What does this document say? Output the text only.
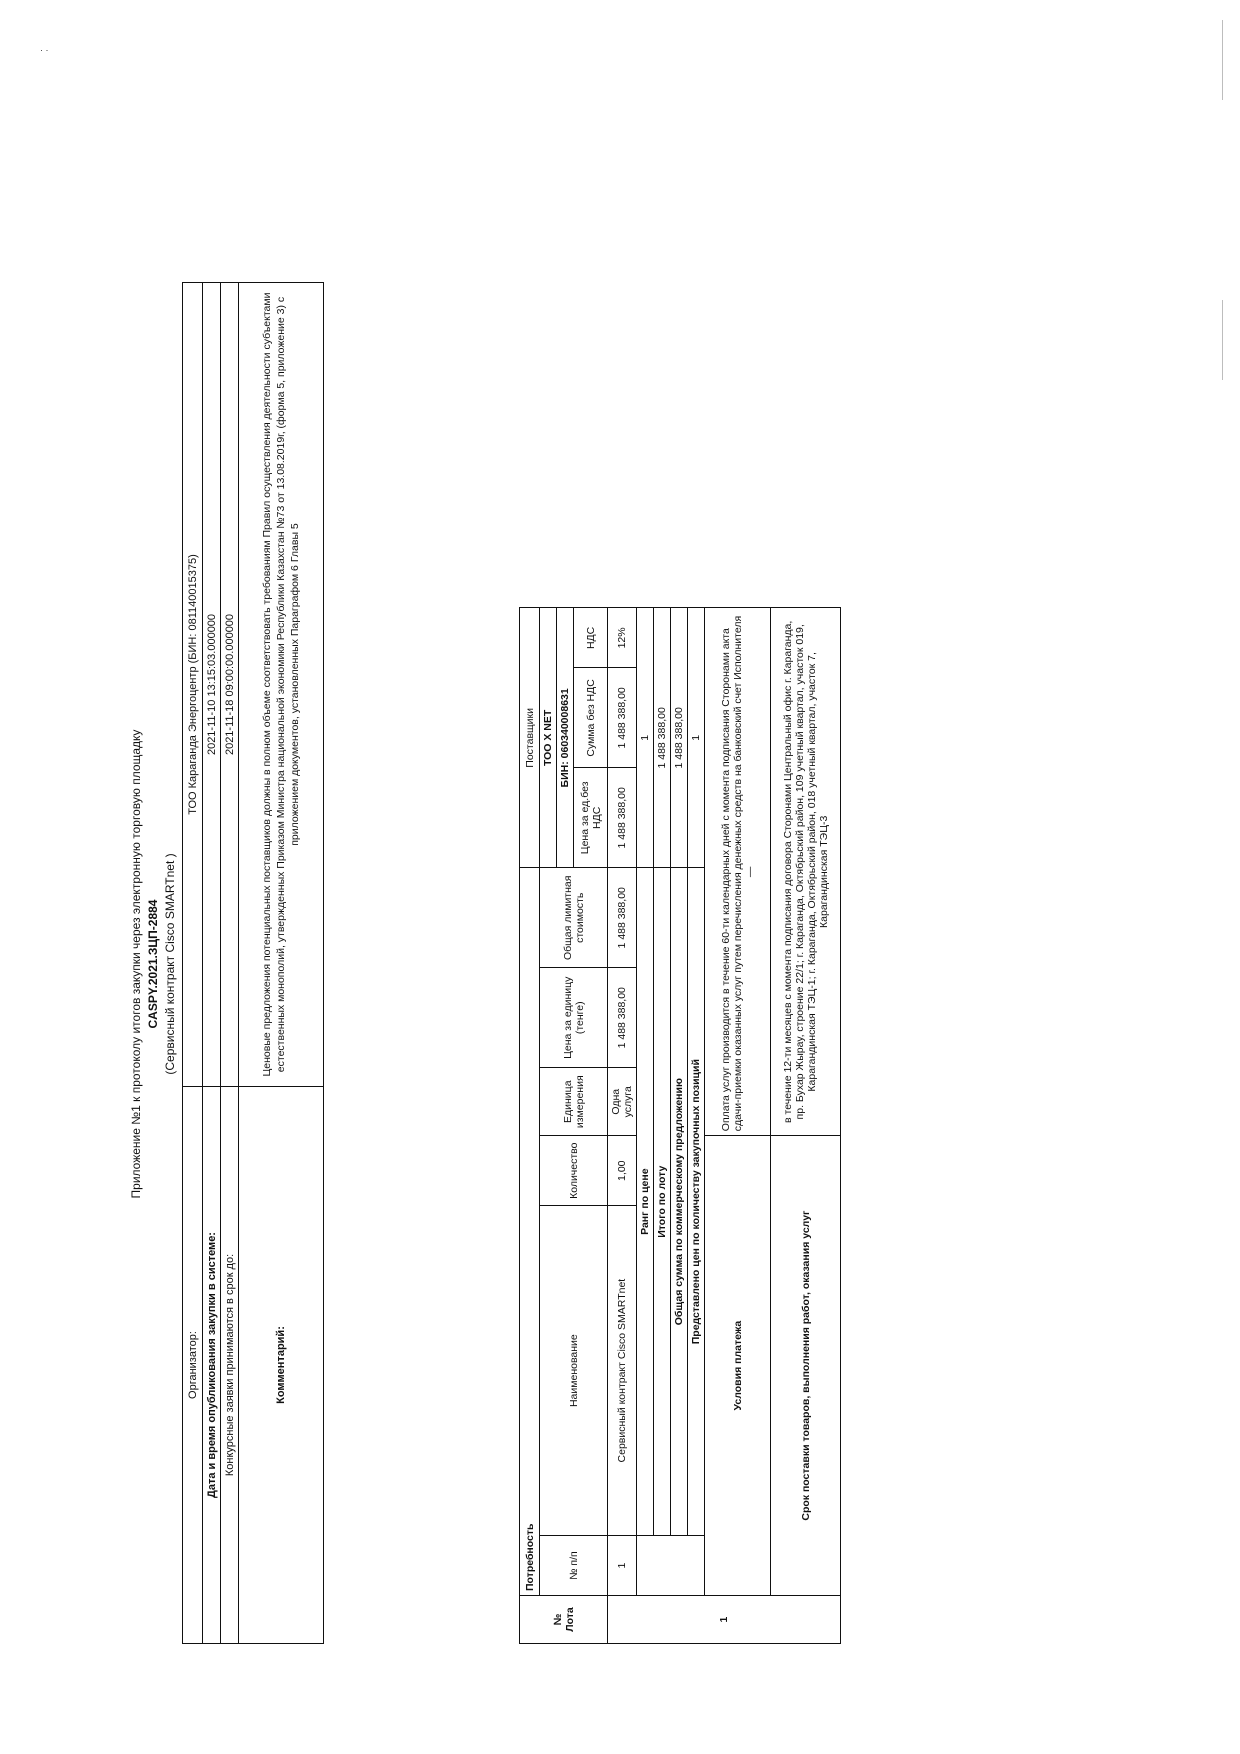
· ·
Приложение №1 к протоколу итогов закупки через электронную торговую площадку CASPY.2021.ЗЦП-2884 (Сервисный контракт Cisco SMARTnet )
Организатор:	ТОО Караганда Энергоцентр (БИН: 081140015375)
Дата и время опубликования закупки в системе:	2021-11-10 13:15:03.000000
Конкурсные заявки принимаются в срок до:	2021-11-18 09:00:00.000000
Комментарий:	Ценовые предложения потенциальных поставщиков должны в полном объеме соответствовать требованиям Правил осуществления деятельности субъектами естественных монополий, утвержденных Приказом Министра национальной экономики Республики Казахстан №73 от 13.08.2019г, (форма 5, приложение 3) с приложением документов, установленных Параграфом 6 Главы 5
№ Лота	Потребность						Поставщики			
	№ п/п	Наименование	Количество	Единица измерения	Цена за единицу (тенге)	Общая лимитная стоимость	ТОО X NET			
							БИН: 060340008631			
							Цена за ед.без НДС	Сумма без НДС	НДС	
1	1	Сервисный контракт Cisco SMARTnet	1,00	Одна услуга	1 488 388,00	1 488 388,00	1 488 388,00	1 488 388,00	12%	
		Ранг по цене					1			
		Итого по лоту					1 488 388,00			
		Общая сумма по коммерческому предложению					1 488 388,00			
		Представлено цен по количеству закупочных позиций					1			
	Условия платежа			Оплата услуг производится в течение 60-ти календарных дней с момента подписания Сторонами акта сдачи-приемки оказанных услуг путем перечисления денежных средств на банковский счет Исполнителя —						

	Срок поставки товаров, выполнения работ, оказания услуг			в течение 12-ти месяцев с момента подписания договора Сторонами Центральный офис г. Караганда, пр. Бухар Жырау, строение 22/1; г. Караганда, Октябрьский район, 109 учетный квартал, участок 019, Карагандинская ТЭЦ-1; г. Караганда, Октябрьский район, 018 учетный квартал, участок 7, Карагандинская ТЭЦ-3						
